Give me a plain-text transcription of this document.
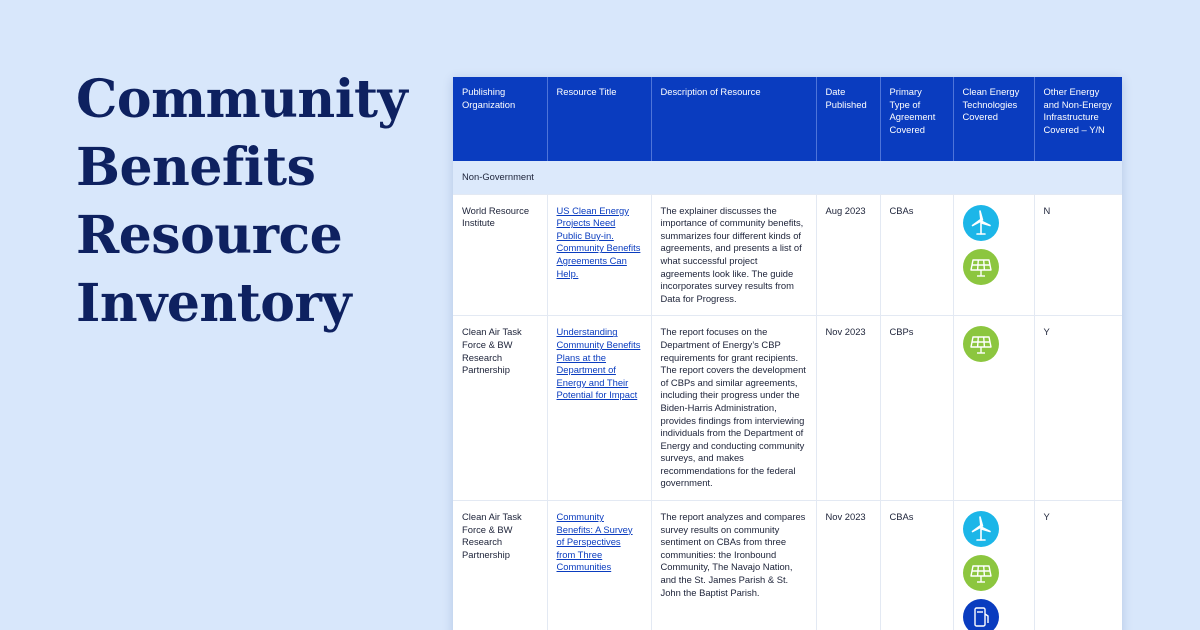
Community
Benefits
Resource
Inventory
Publishing Organization	Resource Title	Description of Resource	Date Published	Primary Type of Agreement Covered	Clean Energy Technologies Covered	Other Energy and Non-Energy Infrastructure Covered – Y/N
Non-Government						
World Resource Institute	US Clean Energy Projects Need Public Buy-in. Community Benefits Agreements Can Help.	The explainer discusses the importance of community benefits, summarizes four different kinds of agreements, and presents a list of what successful project agreements look like. The guide incorporates survey results from Data for Progress.	Aug 2023	CBAs		N
Clean Air Task Force & BW Research Partnership	Understanding Community Benefits Plans at the Department of Energy and Their Potential for Impact	The report focuses on the Department of Energy’s CBP requirements for grant recipients. The report covers the development of CBPs and similar agreements, including their progress under the Biden-Harris Administration, provides findings from interviewing individuals from the Department of Energy and conducting community surveys, and makes recommendations for the federal government.	Nov 2023	CBPs		Y
Clean Air Task Force & BW Research Partnership	Community Benefits: A Survey of Perspectives from Three Communities	The report analyzes and compares survey results on community sentiment on CBAs from three communities: the Ironbound Community, The Navajo Nation, and the St. James Parish & St. John the Baptist Parish.	Nov 2023	CBAs		Y
